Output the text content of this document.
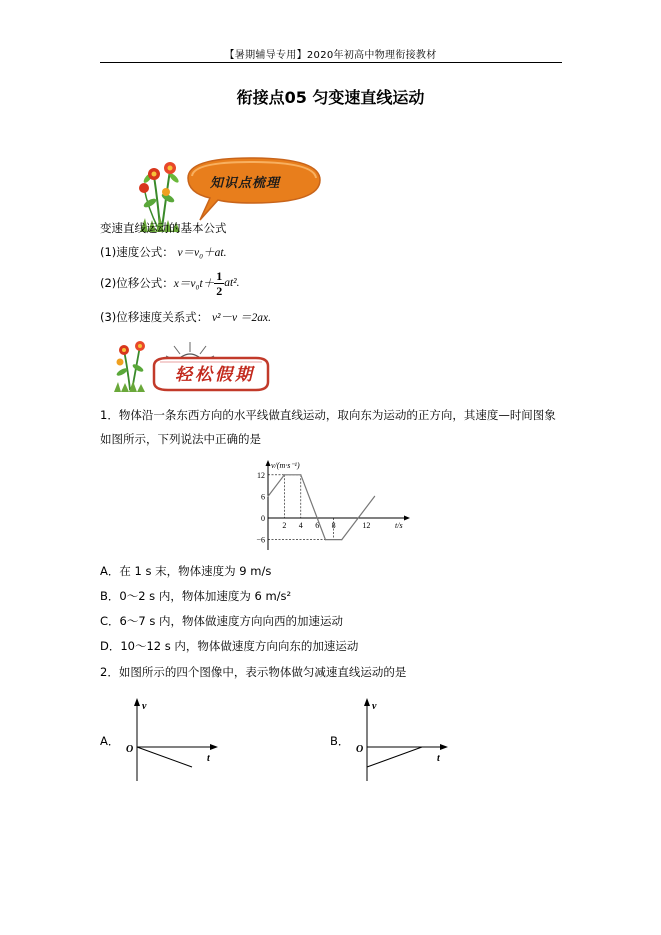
【暑期辅导专用】2020年初高中物理衔接教材
衔接点05 匀变速直线运动
知识点梳理
变速直线运动的基本公式
(1)速度公式： v＝v₀＋at.
(2)位移公式： $x=v_0t+ \frac{1}{2} at^2$.
(3)位移速度关系式： v²－v ＝2ax.
轻松假期
1．物体沿一条东西方向的水平线做直线运动，取向东为运动的正方向，其速度—时间图象
如图所示，下列说法中正确的是
v/(m·s⁻¹)
t/s
12
6
0
−6
2 4 6 8	12
A．在 1 s 末，物体速度为 9 m/s
B．0～2 s 内，物体加速度为 6 m/s²
C．6～7 s 内，物体做速度方向向西的加速运动
D．10～12 s 内，物体做速度方向向东的加速运动
2．如图所示的四个图像中，表示物体做匀减速直线运动的是
A．
v
t
O
B．
v
t
O
